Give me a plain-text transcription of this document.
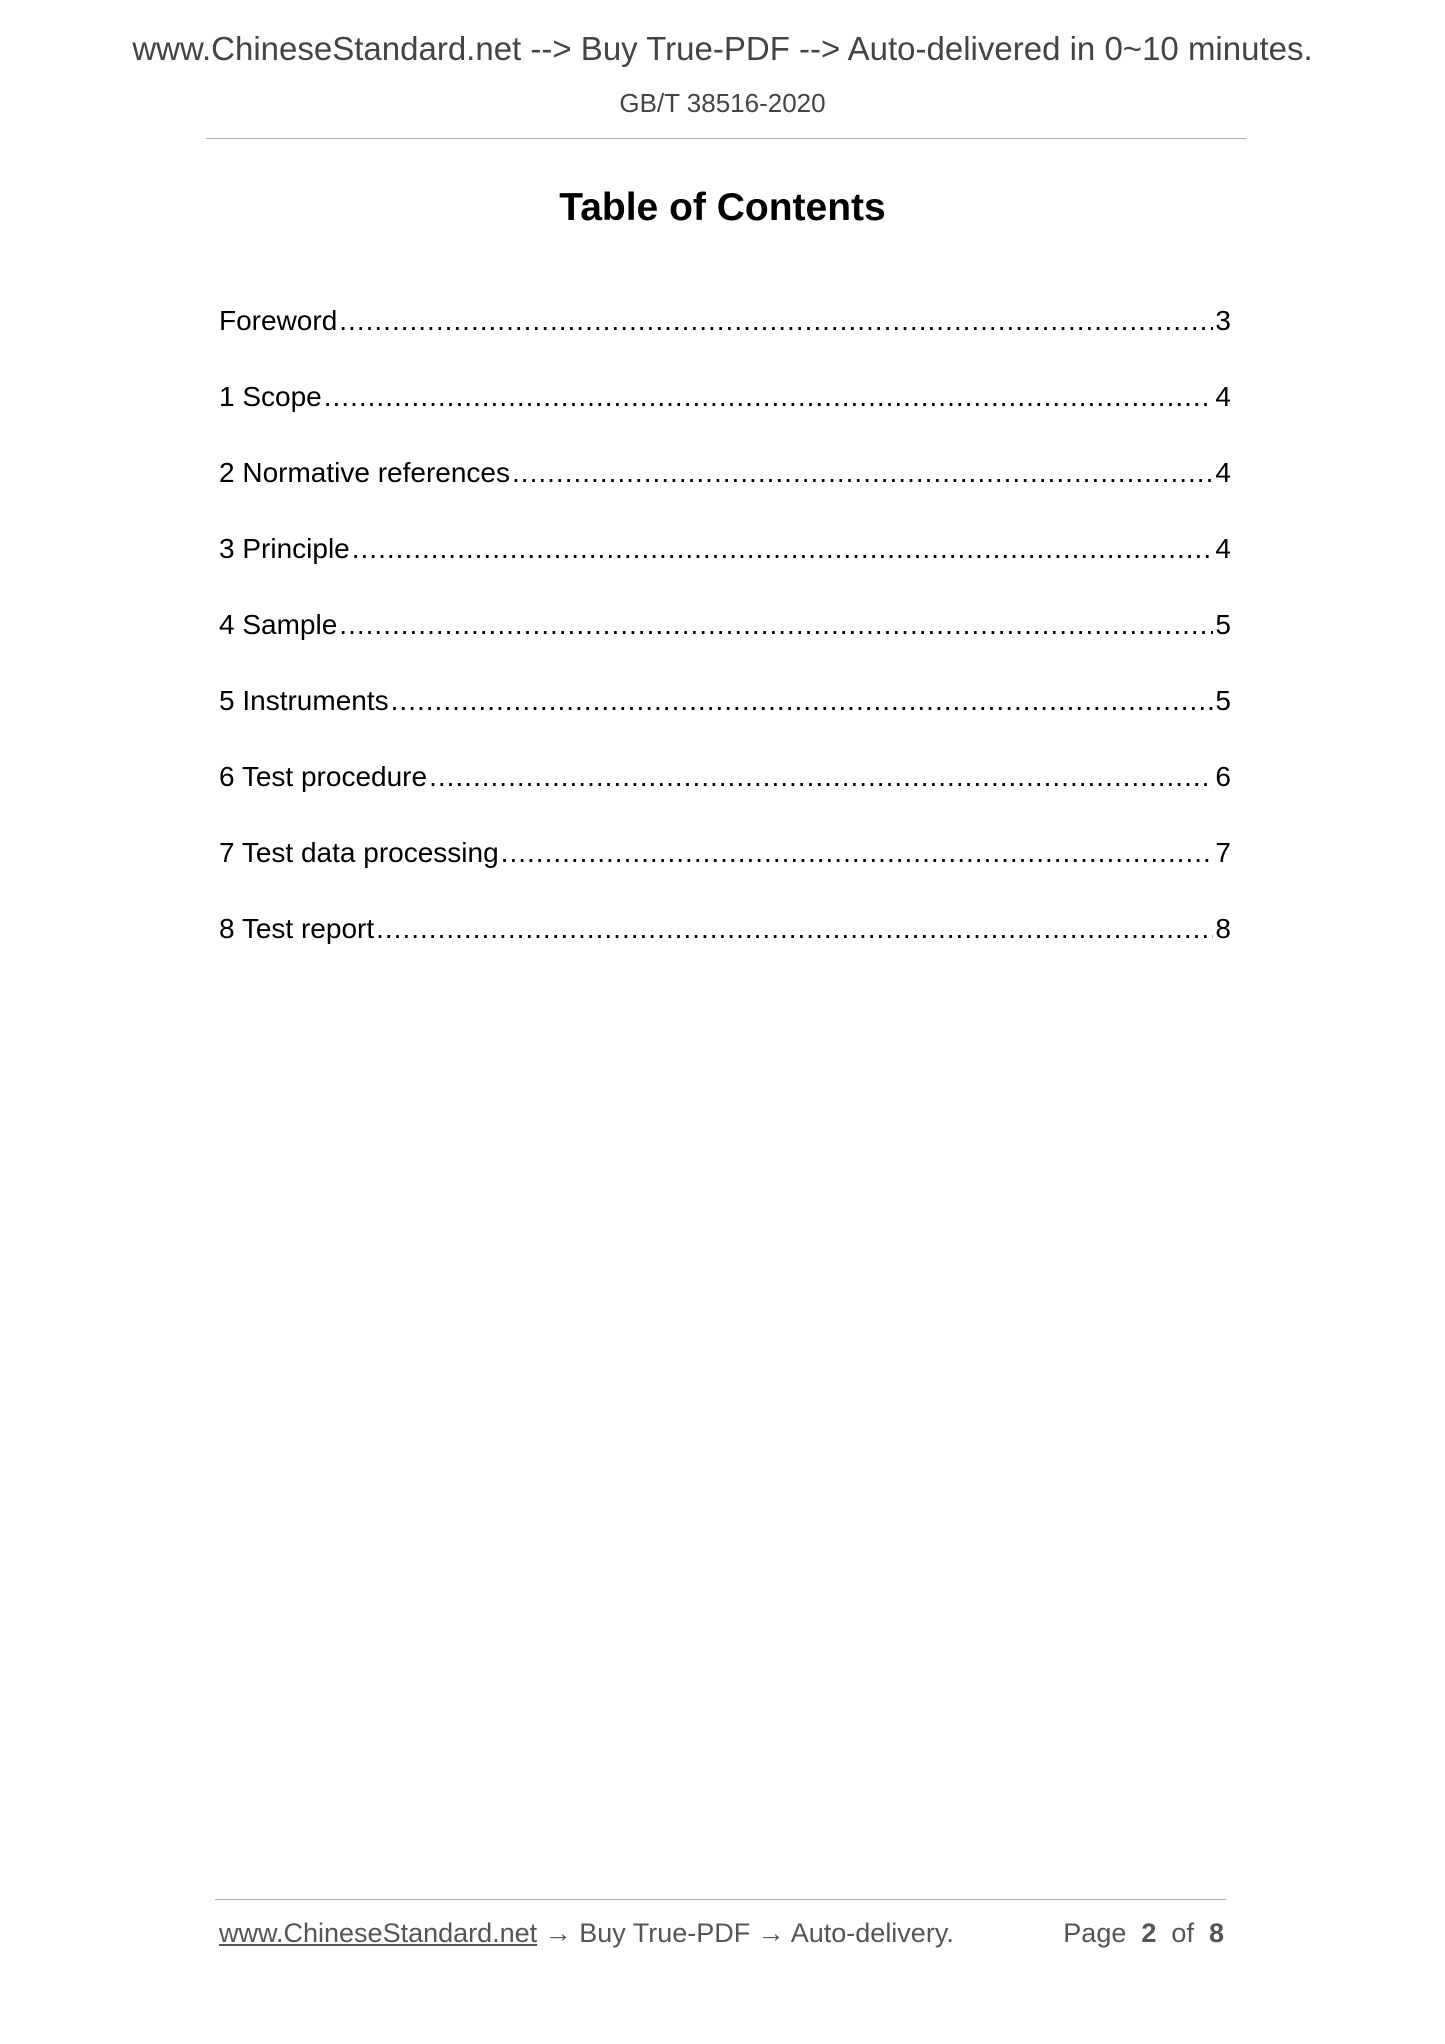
www.ChineseStandard.net --> Buy True-PDF --> Auto-delivered in 0~10 minutes.
GB/T 38516-2020
Table of Contents
Foreword .....	3
1 Scope .....	4
2 Normative references .....	4
3 Principle .....	4
4 Sample .....	5
5 Instruments .....	5
6 Test procedure .....	6
7 Test data processing .....	7
8 Test report .....	8
www.ChineseStandard.net → Buy True-PDF → Auto-delivery.	Page 2 of 8
